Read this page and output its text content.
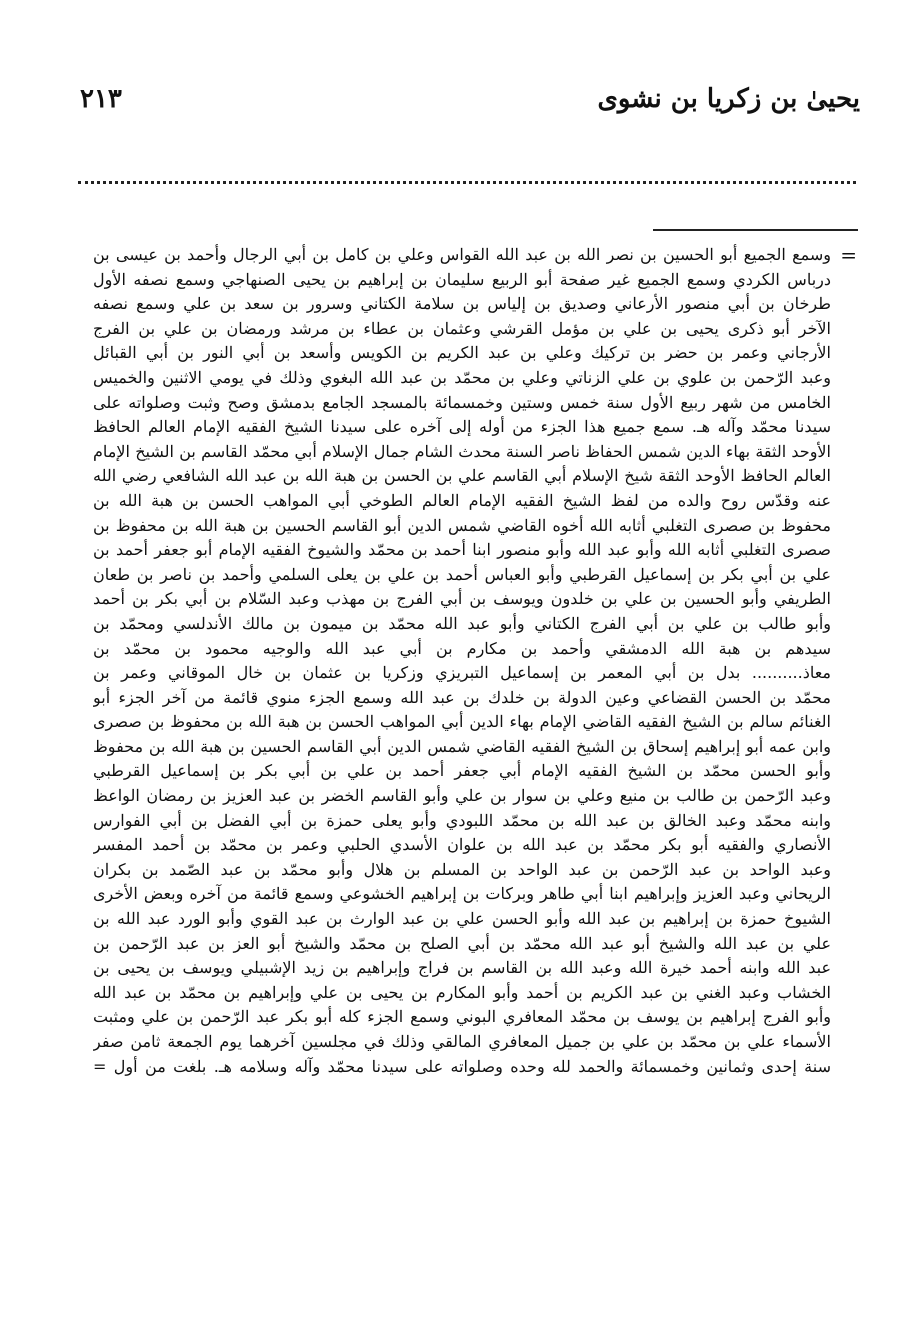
يحيىٰ بن زكريا بن نشوى
٢١٣
=
وسمع الجميع أبو الحسين بن نصر الله بن عبد الله القواس وعلي بن كامل بن أبي الرجال وأحمد بن عيسى بن
درباس الكردي وسمع الجميع غير صفحة أبو الربيع سليمان بن إبراهيم بن يحيى الصنهاجي وسمع نصفه الأول
طرخان بن أبي منصور الأرعاني وصديق بن إلياس بن سلامة الكتاني وسرور بن سعد بن علي وسمع نصفه
الآخر أبو ذكرى يحيى بن علي بن مؤمل القرشي وعثمان بن عطاء بن مرشد ورمضان بن علي بن الفرج
الأرجاني وعمر بن حضر بن تركيك وعلي بن عبد الكريم بن الكويس وأسعد بن أبي النور بن أبي القبائل
وعبد الرّحمن بن علوي بن علي الزناتي وعلي بن محمّد بن عبد الله البغوي وذلك في يومي الاثنين والخميس
الخامس من شهر ربيع الأول سنة خمس وستين وخمسمائة بالمسجد الجامع بدمشق وصح وثبت وصلواته على
سيدنا محمّد وآله هـ. سمع جميع هذا الجزء من أوله إلى آخره على سيدنا الشيخ الفقيه الإمام العالم الحافظ
الأوحد الثقة بهاء الدين شمس الحفاظ ناصر السنة محدث الشام جمال الإسلام أبي محمّد القاسم بن الشيخ الإمام
العالم الحافظ الأوحد الثقة شيخ الإسلام أبي القاسم علي بن الحسن بن هبة الله بن عبد الله الشافعي رضي الله
عنه وقدّس روح والده من لفظ الشيخ الفقيه الإمام العالم الطوخي أبي المواهب الحسن بن هبة الله بن
محفوظ بن صصرى التغلبي أثابه الله أخوه القاضي شمس الدين أبو القاسم الحسين بن هبة الله بن محفوظ بن
صصرى التغلبي أثابه الله وأبو عبد الله وأبو منصور ابنا أحمد بن محمّد والشيوخ الفقيه الإمام أبو جعفر أحمد بن
علي بن أبي بكر بن إسماعيل القرطبي وأبو العباس أحمد بن علي بن يعلى السلمي وأحمد بن ناصر بن طعان
الطريفي وأبو الحسين بن علي بن خلدون ويوسف بن أبي الفرج بن مهذب وعبد السّلام بن أبي بكر بن أحمد
وأبو طالب بن علي بن أبي الفرج الكتاني وأبو عبد الله محمّد بن ميمون بن مالك الأندلسي ومحمّد بن
سيدهم بن هبة الله الدمشقي وأحمد بن مكارم بن أبي عبد الله والوجيه محمود بن محمّد بن
معاذ.......... بدل بن أبي المعمر بن إسماعيل التبريزي وزكريا بن عثمان بن خال الموقاني وعمر بن
محمّد بن الحسن القضاعي وعين الدولة بن خلدك بن عبد الله وسمع الجزء منوي قائمة من آخر الجزء أبو
الغنائم سالم بن الشيخ الفقيه القاضي الإمام بهاء الدين أبي المواهب الحسن بن هبة الله بن محفوظ بن صصرى
وابن عمه أبو إبراهيم إسحاق بن الشيخ الفقيه القاضي شمس الدين أبي القاسم الحسين بن هبة الله بن محفوظ
وأبو الحسن محمّد بن الشيخ الفقيه الإمام أبي جعفر أحمد بن علي بن أبي بكر بن إسماعيل القرطبي
وعبد الرّحمن بن طالب بن منيع وعلي بن سوار بن علي وأبو القاسم الخضر بن عبد العزيز بن رمضان الواعظ
وابنه محمّد وعبد الخالق بن عبد الله بن محمّد اللبودي وأبو يعلى حمزة بن أبي الفضل بن أبي الفوارس
الأنصاري والفقيه أبو بكر محمّد بن عبد الله بن علوان الأسدي الحلبي وعمر بن محمّد بن أحمد المفسر
وعبد الواحد بن عبد الرّحمن بن عبد الواحد بن المسلم بن هلال وأبو محمّد بن عبد الصّمد بن بكران
الريحاني وعبد العزيز وإبراهيم ابنا أبي طاهر وبركات بن إبراهيم الخشوعي وسمع قائمة من آخره وبعض الأخرى
الشيوخ حمزة بن إبراهيم بن عبد الله وأبو الحسن علي بن عبد الوارث بن عبد القوي وأبو الورد عبد الله بن
علي بن عبد الله والشيخ أبو عبد الله محمّد بن أبي الصلح بن محمّد والشيخ أبو العز بن عبد الرّحمن بن
عبد الله وابنه أحمد خيرة الله وعبد الله بن القاسم بن فراج وإبراهيم بن زيد الإشبيلي ويوسف بن يحيى بن
الخشاب وعبد الغني بن عبد الكريم بن أحمد وأبو المكارم بن يحيى بن علي وإبراهيم بن محمّد بن عبد الله
وأبو الفرج إبراهيم بن يوسف بن محمّد المعافري البوني وسمع الجزء كله أبو بكر عبد الرّحمن بن علي ومثبت
الأسماء علي بن محمّد بن علي بن جميل المعافري المالقي وذلك في مجلسين آخرهما يوم الجمعة ثامن صفر
سنة إحدى وثمانين وخمسمائة والحمد لله وحده وصلواته على سيدنا محمّد وآله وسلامه هـ. بلغت من أول =
